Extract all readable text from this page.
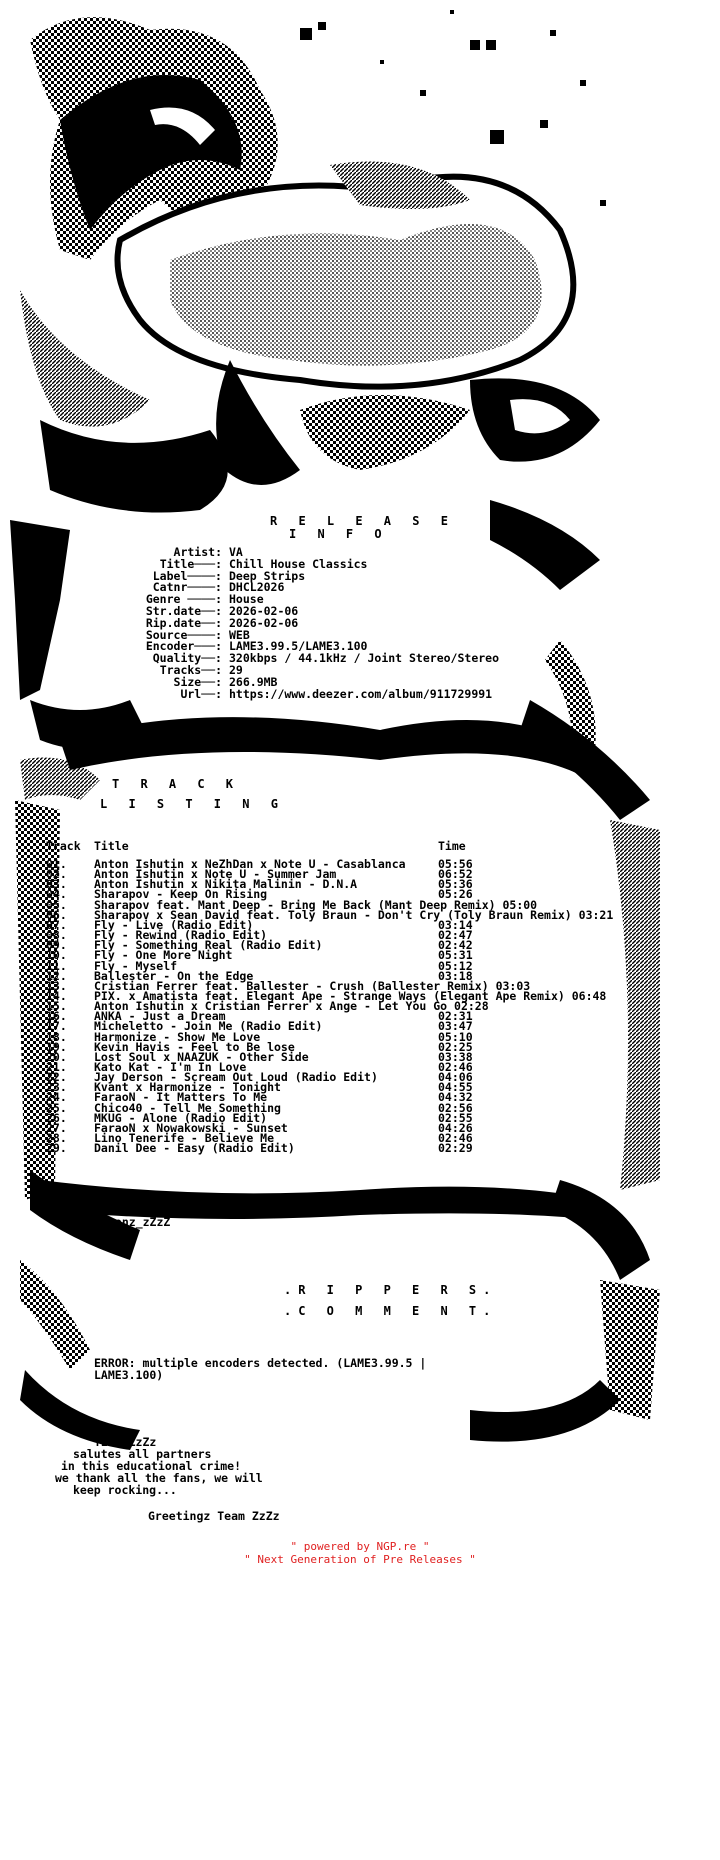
R E L E A S E
I N F O
Artist: VA
Title───: Chill House Classics
Label────: Deep Strips
Catnr────: DHCL2026
Genre ────: House
Str.date──: 2026-02-06
Rip.date──: 2026-02-06
Source────: WEB
Encoder───: LAME3.99.5/LAME3.100
Quality──: 320kbps / 44.1kHz / Joint Stereo/Stereo
Tracks──: 29
Size──: 266.9MB
Url──: https://www.deezer.com/album/911729991
T R A C K
L I S T I N G
Track Title	Time
01. Anton Ishutin x NeZhDan x Note U - Casablanca	05:56
02. Anton Ishutin x Note U - Summer Jam	06:52
03. Anton Ishutin x Nikita Malinin - D.N.A	05:36
04. Sharapov - Keep On Rising	05:26
05. Sharapov feat. Mant Deep - Bring Me Back (Mant Deep Remix) 05:00
06. Sharapov x Sean David feat. Toly Braun - Don't Cry (Toly Braun Remix) 03:21
07. Fly - Live (Radio Edit)	03:14
08. Fly - Rewind (Radio Edit)	02:47
09. Fly - Something Real (Radio Edit)	02:42
10. Fly - One More Night	05:31
11. Fly - Myself	05:12
12. Ballester - On the Edge	03:18
13. Cristian Ferrer feat. Ballester - Crush (Ballester Remix) 03:03
14. PIX. x Amatista feat. Elegant Ape - Strange Ways (Elegant Ape Remix) 06:48
15. Anton Ishutin x Cristian Ferrer x Ange - Let You Go 02:28
16. ANKA - Just a Dream	02:31
17. Micheletto - Join Me (Radio Edit)	03:47
18. Harmonize - Show Me Love	05:10
19. Kevin Havis - Feel to Be lose	02:25
20. Lost Soul x NAAZUK - Other Side	03:38
21. Kato Kat - I'm In Love	02:46
22. Jay Derson - Scream Out Loud (Radio Edit)	04:06
23. Kvant x Harmonize - Tonight	04:55
24. FaraoN - It Matters To Me	04:32
25. Chico40 - Tell Me Something	02:56
26. MKUG - Alone (Radio Edit)	02:55
27. FaraoN x Nowakowski - Sunset	04:26
28. Lino Tenerife - Believe Me	02:46
29. Danil Dee - Easy (Radio Edit)	02:29
ASCii by
gonz_zZzZ
.R I P P E R S.
.C O M M E N T.
ERROR: multiple encoders detected. (LAME3.99.5 |
LAME3.100)
TEAM ZzZz
salutes all partners
in this educational crime!
we thank all the fans, we will
keep rocking...
Greetingz Team ZzZz
" powered by NGP.re "
" Next Generation of Pre Releases "
